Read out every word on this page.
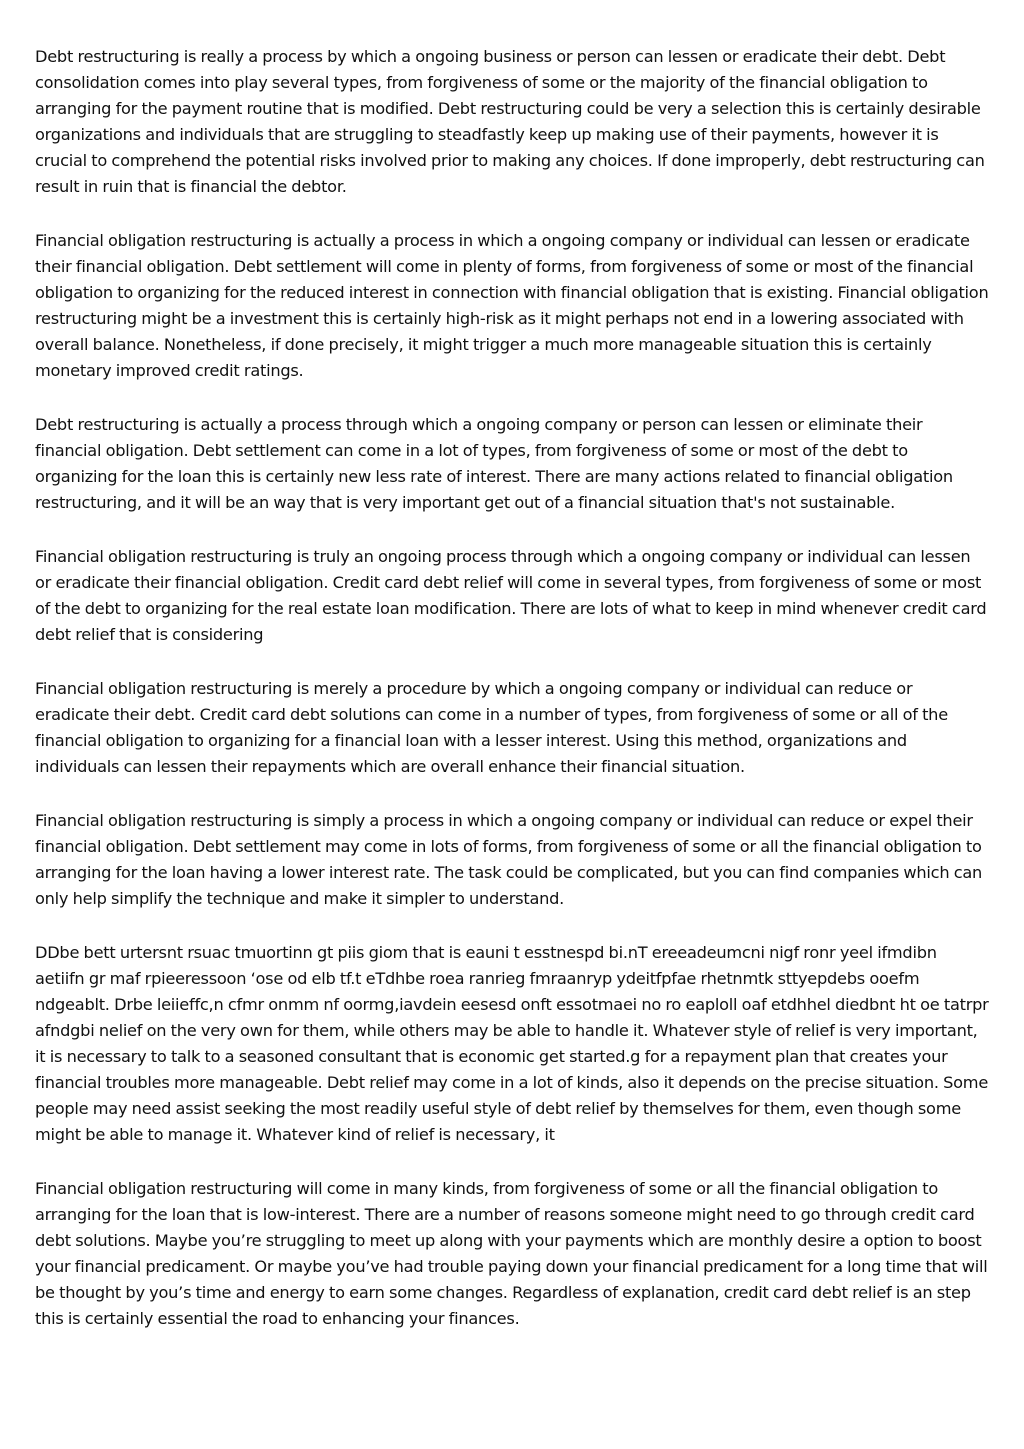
Debt restructuring is really a process by which a ongoing business or person can lessen or eradicate their debt. Debt consolidation comes into play several types, from forgiveness of some or the majority of the financial obligation to arranging for the payment routine that is modified. Debt restructuring could be very a selection this is certainly desirable organizations and individuals that are struggling to steadfastly keep up making use of their payments, however it is crucial to comprehend the potential risks involved prior to making any choices. If done improperly, debt restructuring can result in ruin that is financial the debtor.

Financial obligation restructuring is actually a process in which a ongoing company or individual can lessen or eradicate their financial obligation. Debt settlement will come in plenty of forms, from forgiveness of some or most of the financial obligation to organizing for the reduced interest in connection with financial obligation that is existing. Financial obligation restructuring might be a investment this is certainly high-risk as it might perhaps not end in a lowering associated with overall balance. Nonetheless, if done precisely, it might trigger a much more manageable situation this is certainly monetary improved credit ratings.

Debt restructuring is actually a process through which a ongoing company or person can lessen or eliminate their financial obligation. Debt settlement can come in a lot of types, from forgiveness of some or most of the debt to organizing for the loan this is certainly new less rate of interest. There are many actions related to financial obligation restructuring, and it will be an way that is very important get out of a financial situation that's not sustainable.

Financial obligation restructuring is truly an ongoing process through which a ongoing company or individual can lessen or eradicate their financial obligation. Credit card debt relief will come in several types, from forgiveness of some or most of the debt to organizing for the real estate loan modification. There are lots of what to keep in mind whenever credit card debt relief that is considering

Financial obligation restructuring is merely a procedure by which a ongoing company or individual can reduce or eradicate their debt. Credit card debt solutions can come in a number of types, from forgiveness of some or all of the financial obligation to organizing for a financial loan with a lesser interest. Using this method, organizations and individuals can lessen their repayments which are overall enhance their financial situation.

Financial obligation restructuring is simply a process in which a ongoing company or individual can reduce or expel their financial obligation. Debt settlement may come in lots of forms, from forgiveness of some or all the financial obligation to arranging for the loan having a lower interest rate. The task could be complicated, but you can find companies which can only help simplify the technique and make it simpler to understand.

DDbe bett urtersnt rsuac tmuortinn gt piis giom that is eauni t esstnespd bi.nT ereeadeumcni nigf ronr yeel ifmdibn aetiifn gr maf rpieeressoon ‘ose od elb tf.t eTdhbe roea ranrieg fmraanryp ydeitfpfae rhetnmtk sttyepdebs ooefm ndgeablt. Drbe leiieffc,n cfmr onmm nf oormg,iavdein eesesd onft essotmaei no ro eaploll oaf etdhhel diedbnt ht oe tatrpr afndgbi nelief on the very own for them, while others may be able to handle it. Whatever style of relief is very important, it is necessary to talk to a seasoned consultant that is economic get started.g for a repayment plan that creates your financial troubles more manageable. Debt relief may come in a lot of kinds, also it depends on the precise situation. Some people may need assist seeking the most readily useful style of debt relief by themselves for them, even though some might be able to manage it. Whatever kind of relief is necessary, it

Financial obligation restructuring will come in many kinds, from forgiveness of some or all the financial obligation to arranging for the loan that is low-interest. There are a number of reasons someone might need to go through credit card debt solutions. Maybe you’re struggling to meet up along with your payments which are monthly desire a option to boost your financial predicament. Or maybe you’ve had trouble paying down your financial predicament for a long time that will be thought by you’s time and energy to earn some changes. Regardless of explanation, credit card debt relief is an step this is certainly essential the road to enhancing your finances.
